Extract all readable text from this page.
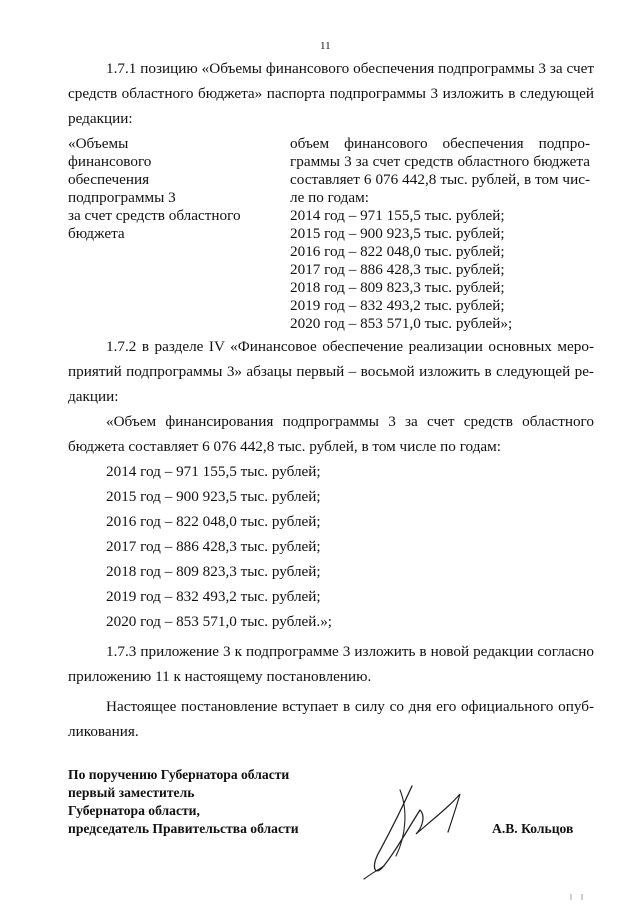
11
1.7.1 позицию «Объемы финансового обеспечения подпрограммы 3 за счет
средств областного бюджета» паспорта подпрограммы 3 изложить в следующей
редакции:
«Объемы
финансового
обеспечения
подпрограммы 3
за счет средств областного
бюджета
объем финансового обеспечения подпро-
граммы 3 за счет средств областного бюджета
составляет 6 076 442,8 тыс. рублей, в том чис-
ле по годам:
2014 год – 971 155,5 тыс. рублей;
2015 год – 900 923,5 тыс. рублей;
2016 год – 822 048,0 тыс. рублей;
2017 год – 886 428,3 тыс. рублей;
2018 год – 809 823,3 тыс. рублей;
2019 год – 832 493,2 тыс. рублей;
2020 год – 853 571,0 тыс. рублей»;
1.7.2 в разделе IV «Финансовое обеспечение реализации основных меро-
приятий подпрограммы 3» абзацы первый – восьмой изложить в следующей ре-
дакции:
«Объем финансирования подпрограммы 3 за счет средств областного
бюджета составляет 6 076 442,8 тыс. рублей, в том числе по годам:
2014 год – 971 155,5 тыс. рублей;
2015 год – 900 923,5 тыс. рублей;
2016 год – 822 048,0 тыс. рублей;
2017 год – 886 428,3 тыс. рублей;
2018 год – 809 823,3 тыс. рублей;
2019 год – 832 493,2 тыс. рублей;
2020 год – 853 571,0 тыс. рублей.»;
1.7.3 приложение 3 к подпрограмме 3 изложить в новой редакции согласно
приложению 11 к настоящему постановлению.
Настоящее постановление вступает в силу со дня его официального опуб-
ликования.
По поручению Губернатора области
первый заместитель
Губернатора области,
председатель Правительства области	А.В. Кольцов
